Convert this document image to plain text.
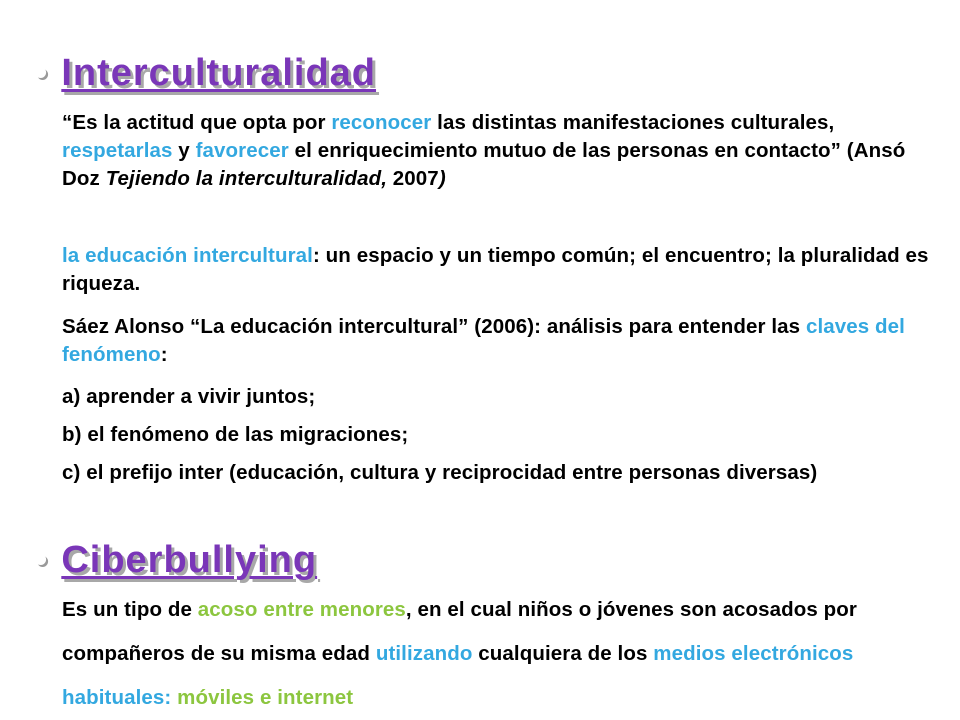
• Interculturalidad
“Es la actitud que opta por reconocer las distintas manifestaciones culturales, respetarlas y favorecer el enriquecimiento mutuo de las personas en contacto” (Ansó Doz Tejiendo la interculturalidad, 2007)
la educación intercultural: un espacio y un tiempo común; el encuentro; la pluralidad es riqueza.
Sáez Alonso “La educación intercultural” (2006): análisis para entender las claves del fenómeno:
a) aprender a vivir juntos;
b) el fenómeno de las migraciones;
c) el prefijo inter (educación, cultura y reciprocidad entre personas diversas)
• Ciberbullying
Es un tipo de acoso entre menores, en el cual niños o jóvenes son acosados por compañeros de su misma edad utilizando cualquiera de los medios electrónicos habituales: móviles e internet
